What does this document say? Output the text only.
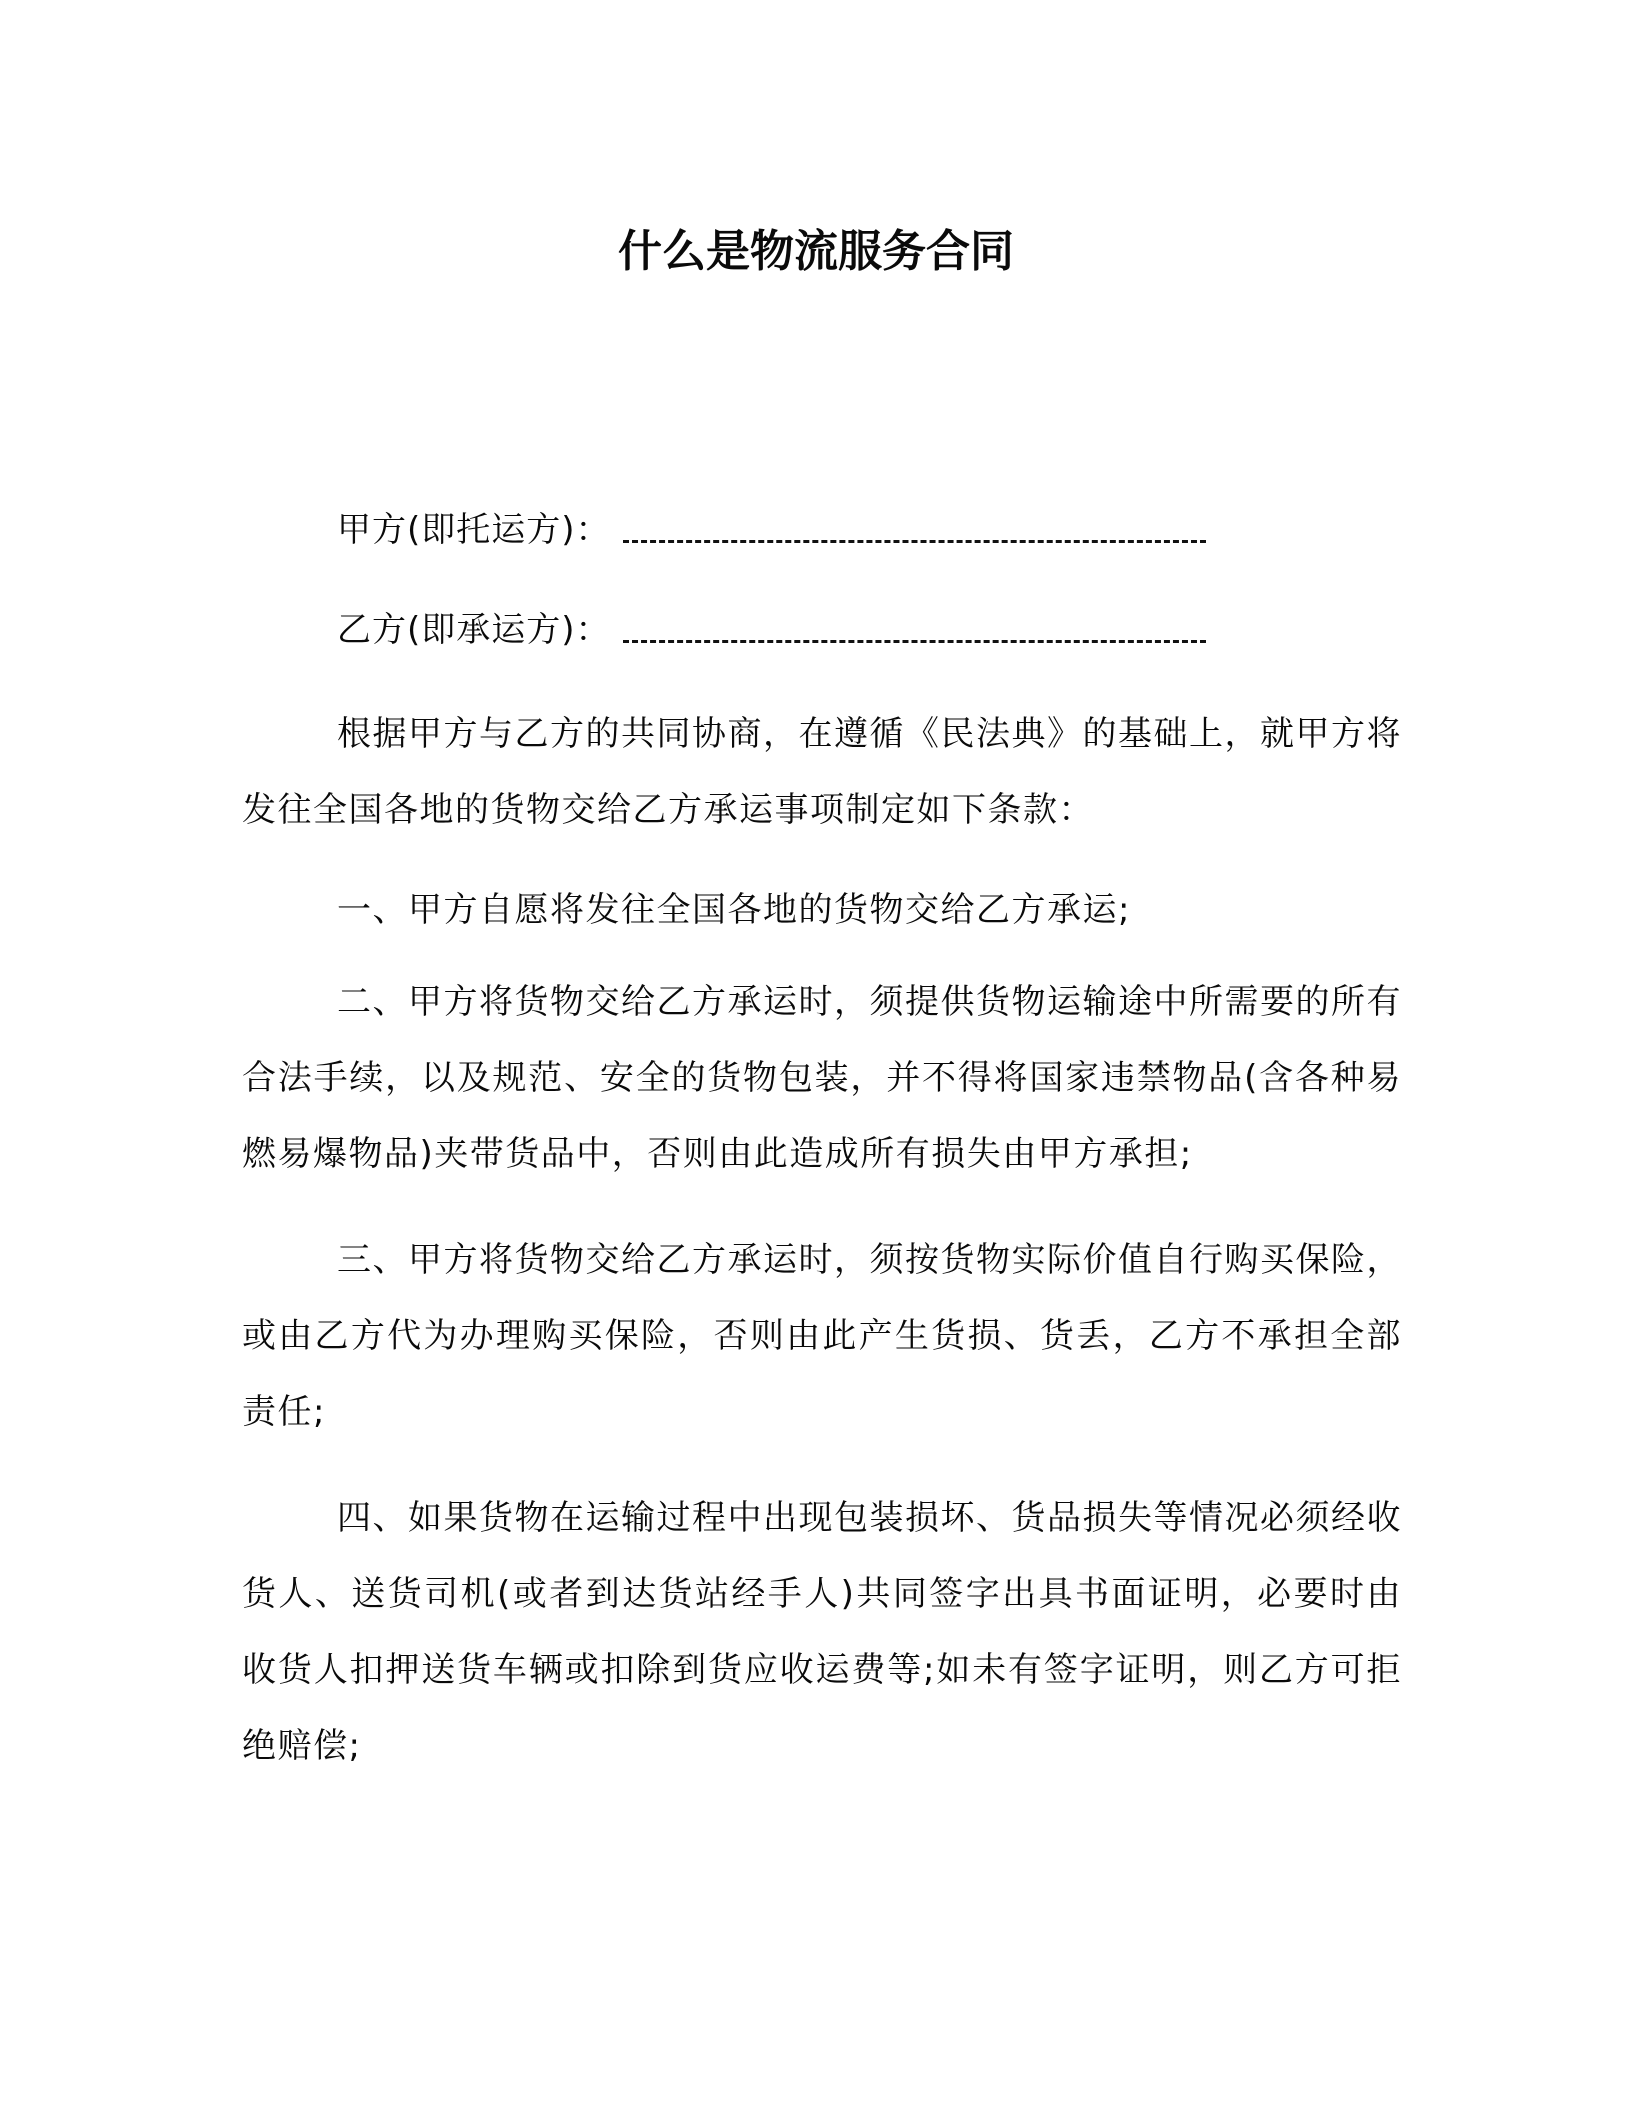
什么是物流服务合同
甲方(即托运方)：
乙方(即承运方)：
根据甲方与乙方的共同协商，在遵循《民法典》的基础上，就甲方将发往全国各地的货物交给乙方承运事项制定如下条款：
一、甲方自愿将发往全国各地的货物交给乙方承运;
二、甲方将货物交给乙方承运时，须提供货物运输途中所需要的所有合法手续，以及规范、安全的货物包装，并不得将国家违禁物品(含各种易燃易爆物品)夹带货品中，否则由此造成所有损失由甲方承担;
三、甲方将货物交给乙方承运时，须按货物实际价值自行购买保险，或由乙方代为办理购买保险，否则由此产生货损、货丢，乙方不承担全部责任;
四、如果货物在运输过程中出现包装损坏、货品损失等情况必须经收货人、送货司机(或者到达货站经手人)共同签字出具书面证明，必要时由收货人扣押送货车辆或扣除到货应收运费等;如未有签字证明，则乙方可拒绝赔偿;
